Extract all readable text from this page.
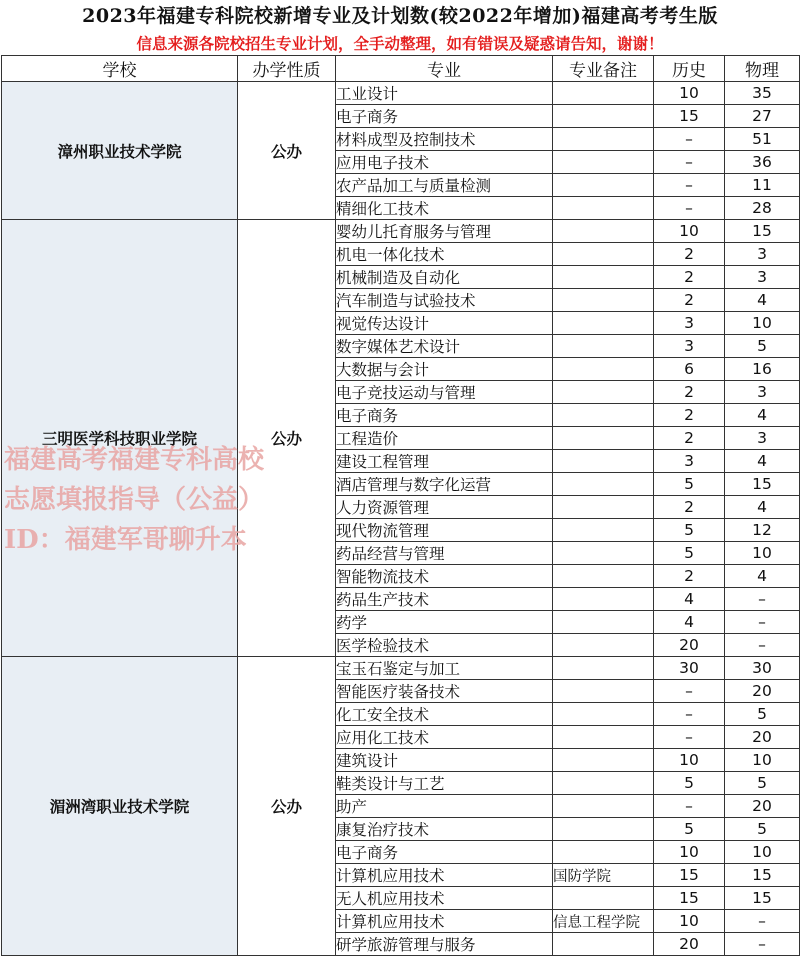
2023年福建专科院校新增专业及计划数(较2022年增加)福建高考考生版
信息来源各院校招生专业计划，全手动整理，如有错误及疑惑请告知，谢谢！
学校	办学性质	专业	专业备注	历史	物理
漳州职业技术学院	公办	工业设计		10	35
		电子商务		15	27
		材料成型及控制技术		–	51
		应用电子技术		–	36
		农产品加工与质量检测		–	11
		精细化工技术		–	28
三明医学科技职业学院	公办	婴幼儿托育服务与管理		10	15
		机电一体化技术		2	3
		机械制造及自动化		2	3
		汽车制造与试验技术		2	4
		视觉传达设计		3	10
		数字媒体艺术设计		3	5
		大数据与会计		6	16
		电子竞技运动与管理		2	3
		电子商务		2	4
		工程造价		2	3
		建设工程管理		3	4
		酒店管理与数字化运营		5	15
		人力资源管理		2	4
		现代物流管理		5	12
		药品经营与管理		5	10
		智能物流技术		2	4
		药品生产技术		4	–
		药学		4	–
		医学检验技术		20	–
湄洲湾职业技术学院	公办	宝玉石鉴定与加工		30	30
		智能医疗装备技术		–	20
		化工安全技术		–	5
		应用化工技术		–	20
		建筑设计		10	10
		鞋类设计与工艺		5	5
		助产		–	20
		康复治疗技术		5	5
		电子商务		10	10
		计算机应用技术	国防学院	15	15
		无人机应用技术		15	15
		计算机应用技术	信息工程学院	10	–
		研学旅游管理与服务		20	–
福建高考福建专科高校
志愿填报指导（公益）
ID：福建军哥聊升本
